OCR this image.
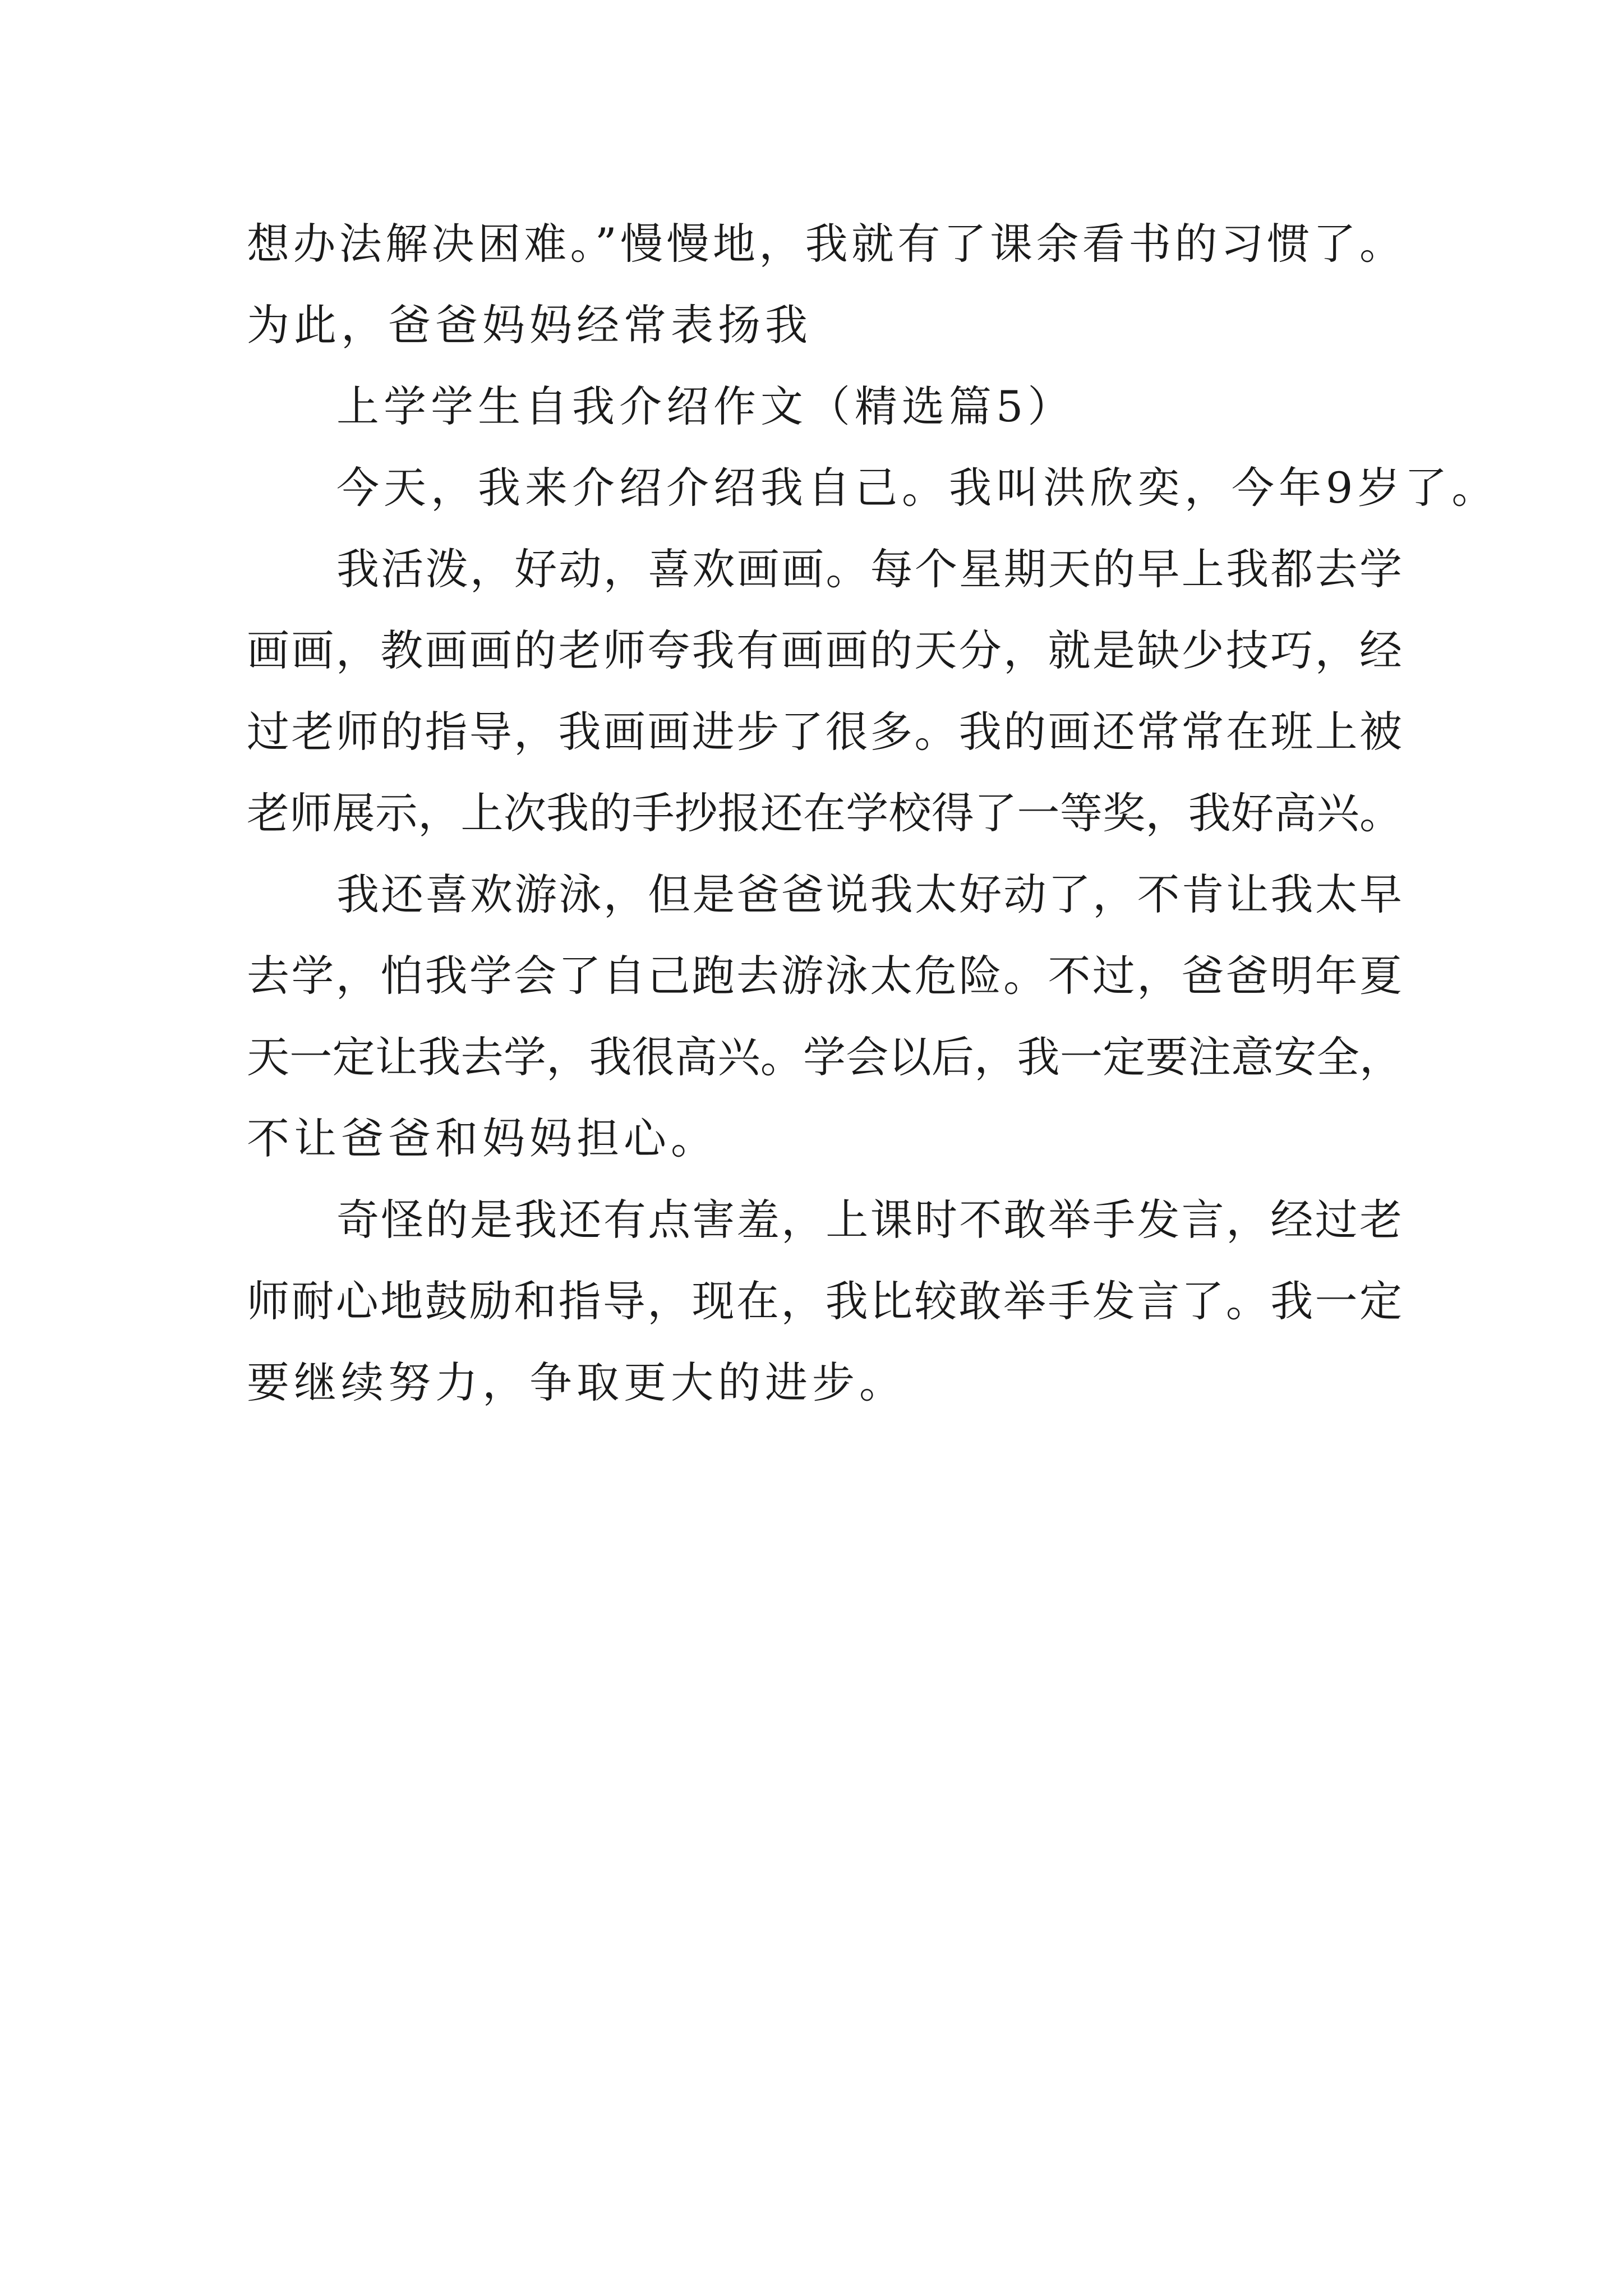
想办法解决困难。”慢慢地，我就有了课余看书的习惯了。
为此，爸爸妈妈经常表扬我
上学学生自我介绍作文（精选篇5）
今天，我来介绍介绍我自己。我叫洪欣奕，今年9岁了。
我活泼，好动，喜欢画画。每个星期天的早上我都去学
画画，教画画的老师夸我有画画的天分，就是缺少技巧，经
过老师的指导，我画画进步了很多。我的画还常常在班上被
老师展示，上次我的手抄报还在学校得了一等奖，我好高兴。
我还喜欢游泳，但是爸爸说我太好动了，不肯让我太早
去学，怕我学会了自己跑去游泳太危险。不过，爸爸明年夏
天一定让我去学，我很高兴。学会以后，我一定要注意安全，
不让爸爸和妈妈担心。
奇怪的是我还有点害羞，上课时不敢举手发言，经过老
师耐心地鼓励和指导，现在，我比较敢举手发言了。我一定
要继续努力，争取更大的进步。
